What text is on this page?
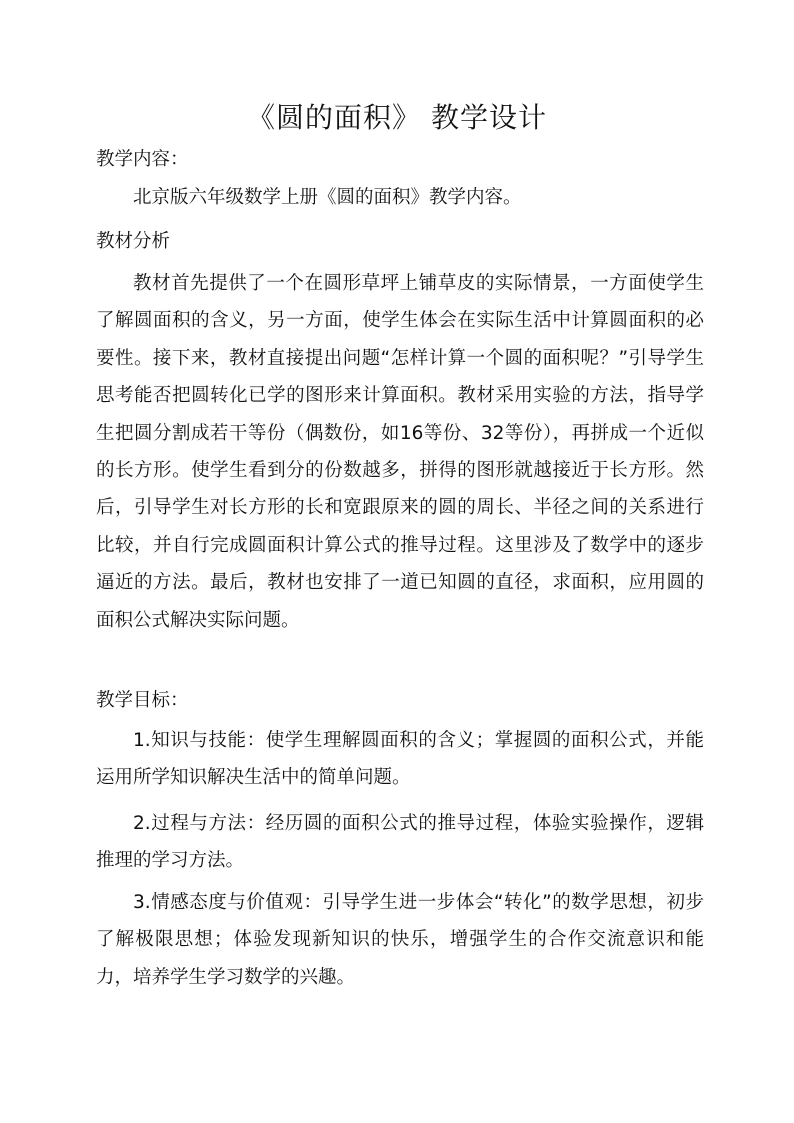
《圆的面积》 教学设计
教学内容：
北京版六年级数学上册《圆的面积》教学内容。
教材分析
教材首先提供了一个在圆形草坪上铺草皮的实际情景，一方面使学生了解圆面积的含义，另一方面，使学生体会在实际生活中计算圆面积的必要性。接下来，教材直接提出问题“怎样计算一个圆的面积呢？”引导学生思考能否把圆转化已学的图形来计算面积。教材采用实验的方法，指导学生把圆分割成若干等份（偶数份，如16等份、32等份），再拼成一个近似的长方形。使学生看到分的份数越多，拼得的图形就越接近于长方形。然后，引导学生对长方形的长和宽跟原来的圆的周长、半径之间的关系进行比较，并自行完成圆面积计算公式的推导过程。这里涉及了数学中的逐步逼近的方法。最后，教材也安排了一道已知圆的直径，求面积，应用圆的面积公式解决实际问题。
教学目标：
1.知识与技能：使学生理解圆面积的含义；掌握圆的面积公式，并能运用所学知识解决生活中的简单问题。
2.过程与方法：经历圆的面积公式的推导过程，体验实验操作，逻辑推理的学习方法。
3.情感态度与价值观：引导学生进一步体会“转化”的数学思想，初步了解极限思想；体验发现新知识的快乐，增强学生的合作交流意识和能力，培养学生学习数学的兴趣。
